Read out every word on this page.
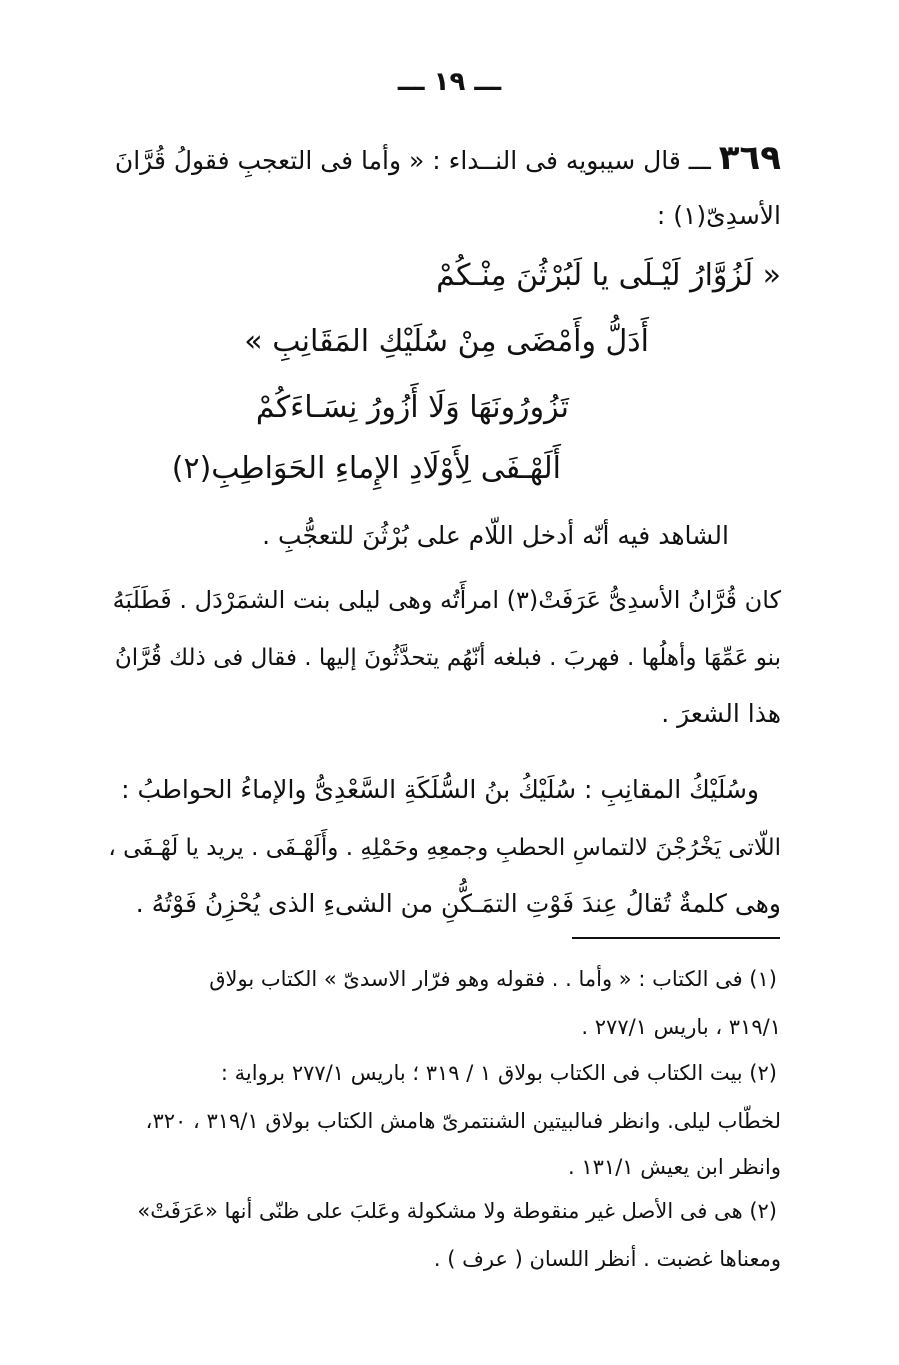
ـــ ١٩ ـــ
٣٦٩ ـــ قال سيبويه فى النــداء : « وأما فى التعجبِ فقولُ قُرَّانَ
الأسدِىّ(١) :
« لَزُوَّارُ لَيْـلَى يا لَبُرْثُنَ مِنْـكُمْ
أَدَلُّ وأَمْضَى مِنْ سُلَيْكِ المَقَانِبِ »
تَزُورُونَهَا وَلَا أَزُورُ نِسَـاءَكُمْ
أَلَهْـفَى لِأَوْلَادِ الإِماءِ الحَوَاطِبِ(٢)
الشاهد فيه أنّه أدخل اللّام على بُرْثُنَ للتعجُّبِ .
كان قُرَّانُ الأسدِىُّ عَرَفَتْ(٣) امرأَتُه وهى ليلى بنت الشمَرْدَل . فَطَلَبَهُ
بنو عَمِّهَا وأهلُها . فهربَ . فبلغه أنّهُم يتحدَّثُونَ إليها . فقال فى ذلك قُرَّانُ
هذا الشعرَ .
وسُلَيْكُ المقانِبِ : سُلَيْكُ بنُ السُّلَكَةِ السَّعْدِىُّ والإماءُ الحواطبُ :
اللّاتى يَخْرُجْنَ لالتماسِ الحطبِ وجمعِهِ وحَمْلِهِ . وأَلَهْـفَى . يريد يا لَهْـفَى ،
وهى كلمةٌ تُقالُ عِندَ فَوْتِ التمَـكُّنِ من الشىءِ الذى يُحْزِنُ فَوْتُهُ .
(١) فى الكتاب : « وأما . . فقوله وهو فرّار الاسدىّ » الكتاب بولاق
٣١٩/١ ، باريس ٢٧٧/١ .
(٢) بيت الكتاب فى الكتاب بولاق ١ / ٣١٩ ؛ باريس ٢٧٧/١ برواية :
لخطّاب ليلى. وانظر فىالبيتين الشنتمرىّ هامش الكتاب بولاق ٣١٩/١ ، ٣٢٠،
وانظر ابن يعيش ١٣١/١ .
(٢) هى فى الأصل غير منقوطة ولا مشكولة وعَلبَ على ظنّى أنها «عَرَفَتْ»
ومعناها غضبت . أنظر اللسان ( عرف ) .
